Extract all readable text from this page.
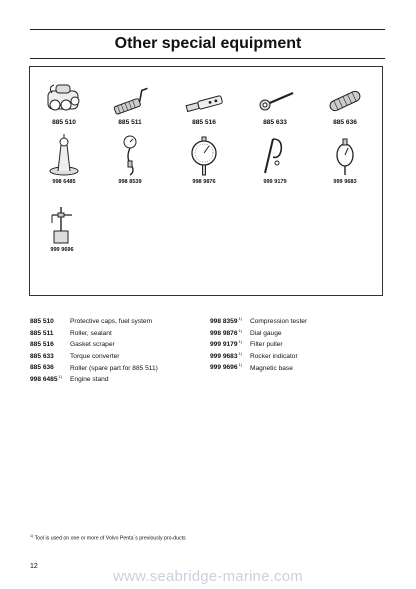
Other special equipment
885 510	885 511	885 516	885 633	885 636
998 6485	998 8539	998 9876	999 9179	999 9683
999 9696
885 510	Protective caps, fuel system
885 511	Roller, sealant
885 516	Gasket scraper
885 633	Torque converter
885 636	Roller (spare part for 885 511)
998 6485$^{1)}$	Engine stand
998 8359$^{1)}$	Compression tester
998 9876$^{1)}$	Dial gauge
999 9179$^{1)}$	Filter puller
999 9683$^{1)}$	Rocker indicator
999 9696$^{1)}$	Magnetic base
$^{1)}$ Tool is used on one or more of Volvo Penta´s previously pro-ducts
12
www.seabridge-marine.com
